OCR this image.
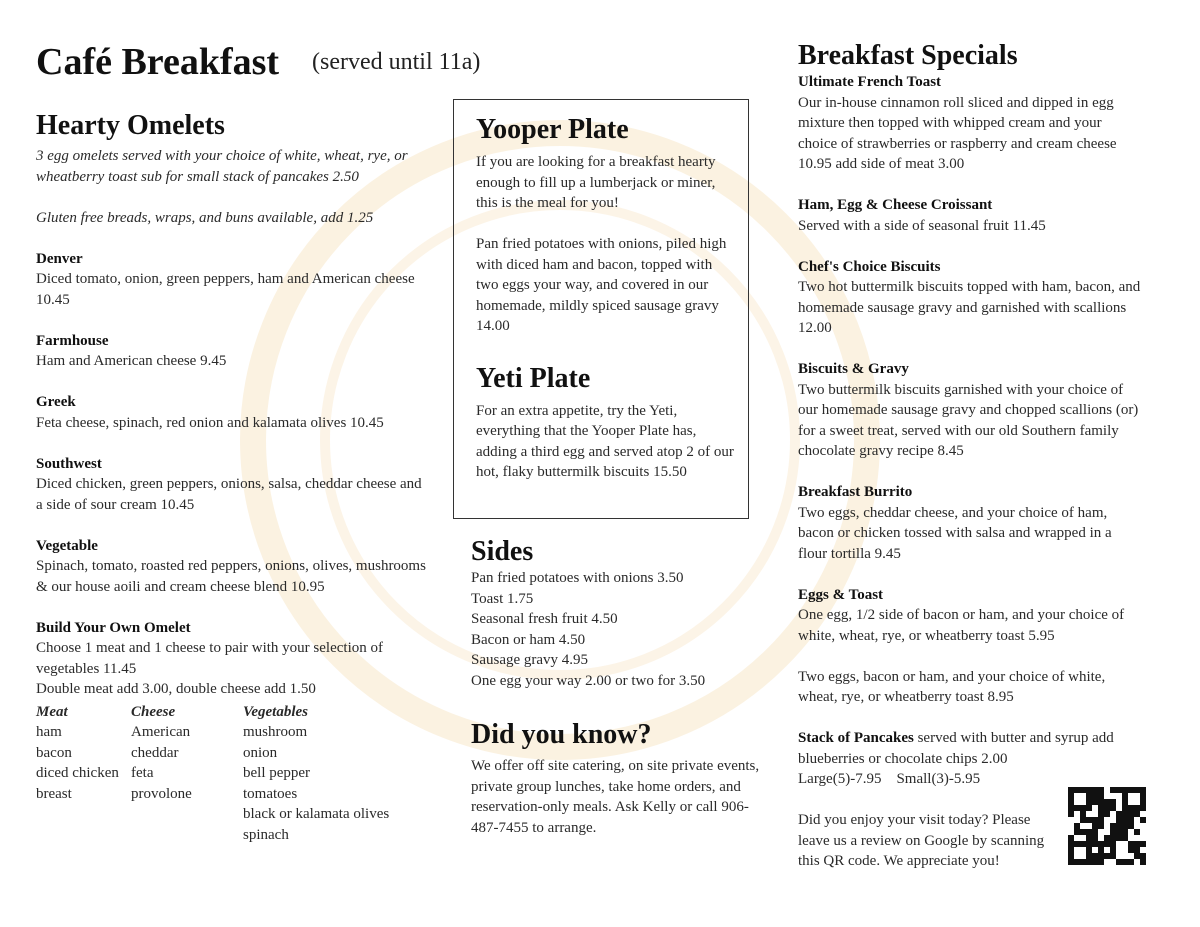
Café Breakfast (served until 11a)
Hearty Omelets

3 egg omelets served with your choice of white, wheat, rye, or wheatberry toast sub for small stack of pancakes 2.50

Gluten free breads, wraps, and buns available, add 1.25

Denver

Diced tomato, onion, green peppers, ham and American cheese 10.45

Farmhouse

Ham and American cheese 9.45

Greek

Feta cheese, spinach, red onion and kalamata olives 10.45

Southwest

Diced chicken, green peppers, onions, salsa, cheddar cheese and a side of sour cream 10.45

Vegetable

Spinach, tomato, roasted red peppers, onions, olives, mushrooms & our house aoili and cream cheese blend 10.95

Build Your Own Omelet

Choose 1 meat and 1 cheese to pair with your selection of vegetables 11.45

Double meat add 3.00, double cheese add 1.50

Meat	Cheese	Vegetables
ham	American	mushroom
bacon	cheddar	onion
diced chicken	feta	bell pepper
breast	provolone	tomatoes
		black or kalamata olives
		spinach
Yooper Plate

If you are looking for a breakfast hearty enough to fill up a lumberjack or miner, this is the meal for you!

Pan fried potatoes with onions, piled high with diced ham and bacon, topped with two eggs your way, and covered in our homemade, mildly spiced sausage gravy 14.00

Yeti Plate

For an extra appetite, try the Yeti, everything that the Yooper Plate has, adding a third egg and served atop 2 of our hot, flaky buttermilk biscuits 15.50

Sides

Pan fried potatoes with onions 3.50

Toast 1.75

Seasonal fresh fruit 4.50

Bacon or ham 4.50

Sausage gravy 4.95

One egg your way 2.00 or two for 3.50

Did you know?

We offer off site catering, on site private events, private group lunches, take home orders, and reservation-only meals. Ask Kelly or call 906-487-7455 to arrange.

Breakfast Specials

Ultimate French Toast

Our in-house cinnamon roll sliced and dipped in egg mixture then topped with whipped cream and your choice of strawberries or raspberry and cream cheese 10.95 add side of meat 3.00

Ham, Egg & Cheese Croissant

Served with a side of seasonal fruit 11.45

Chef's Choice Biscuits

Two hot buttermilk biscuits topped with ham, bacon, and homemade sausage gravy and garnished with scallions 12.00

Biscuits & Gravy

Two buttermilk biscuits garnished with your choice of our homemade sausage gravy and chopped scallions (or) for a sweet treat, served with our old Southern family chocolate gravy recipe 8.45

Breakfast Burrito

Two eggs, cheddar cheese, and your choice of ham, bacon or chicken tossed with salsa and wrapped in a flour tortilla 9.45

Eggs & Toast

One egg, 1/2 side of bacon or ham, and your choice of white, wheat, rye, or wheatberry toast 5.95

Two eggs, bacon or ham, and your choice of white, wheat, rye, or wheatberry toast 8.95

Stack of Pancakes served with butter and syrup add blueberries or chocolate chips 2.00

Large(5)-7.95    Small(3)-5.95

Did you enjoy your visit today? Please leave us a review on Google by scanning this QR code. We appreciate you!
